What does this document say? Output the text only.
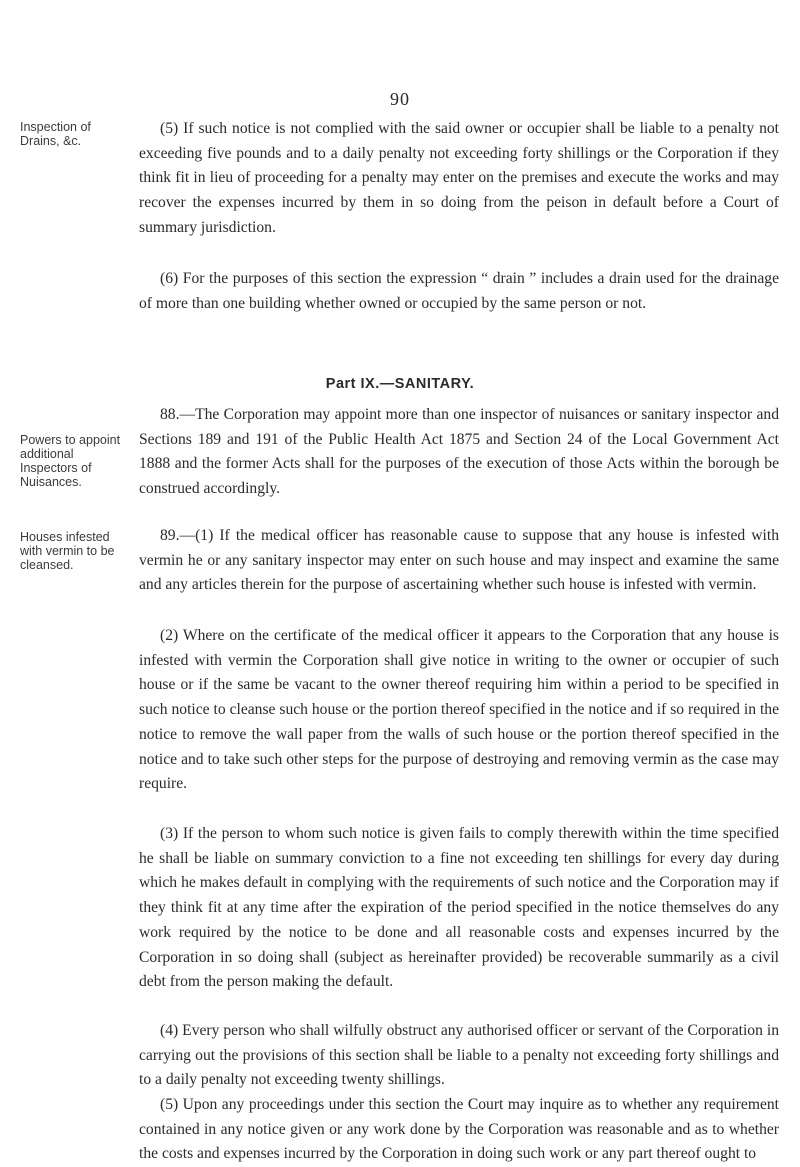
90
Inspection of Drains, &c.
Powers to appoint additional Inspectors of Nuisances.
Houses infested with vermin to be cleansed.

(5) If such notice is not complied with the said owner or occupier shall be liable to a penalty not exceeding five pounds and to a daily penalty not exceeding forty shillings or the Corporation if they think fit in lieu of proceeding for a penalty may enter on the premises and execute the works and may recover the expenses incurred by them in so doing from the peison in default before a Court of summary jurisdiction.

(6) For the purposes of this section the expression “ drain ” includes a drain used for the drainage of more than one building whether owned or occupied by the same person or not.

Part IX.—SANITARY.

88.—The Corporation may appoint more than one inspector of nuisances or sanitary inspector and Sections 189 and 191 of the Public Health Act 1875 and Section 24 of the Local Government Act 1888 and the former Acts shall for the purposes of the execution of those Acts within the borough be construed accordingly.

89.—(1) If the medical officer has reasonable cause to suppose that any house is infested with vermin he or any sanitary inspector may enter on such house and may inspect and examine the same and any articles therein for the purpose of ascertaining whether such house is infested with vermin.

(2) Where on the certificate of the medical officer it appears to the Corporation that any house is infested with vermin the Corporation shall give notice in writing to the owner or occupier of such house or if the same be vacant to the owner thereof requiring him within a period to be specified in such notice to cleanse such house or the portion thereof specified in the notice and if so required in the notice to remove the wall paper from the walls of such house or the portion thereof specified in the notice and to take such other steps for the purpose of destroying and removing vermin as the case may require.

(3) If the person to whom such notice is given fails to comply therewith within the time specified he shall be liable on summary conviction to a fine not exceeding ten shillings for every day during which he makes default in complying with the requirements of such notice and the Corporation may if they think fit at any time after the expiration of the period specified in the notice themselves do any work required by the notice to be done and all reasonable costs and expenses incurred by the Corporation in so doing shall (subject as hereinafter provided) be recoverable summarily as a civil debt from the person making the default.

(4) Every person who shall wilfully obstruct any authorised officer or servant of the Corporation in carrying out the provisions of this section shall be liable to a penalty not exceeding forty shillings and to a daily penalty not exceeding twenty shillings.

(5) Upon any proceedings under this section the Court may inquire as to whether any requirement contained in any notice given or any work done by the Corporation was reasonable and as to whether the costs and expenses incurred by the Corporation in doing such work or any part thereof ought to
